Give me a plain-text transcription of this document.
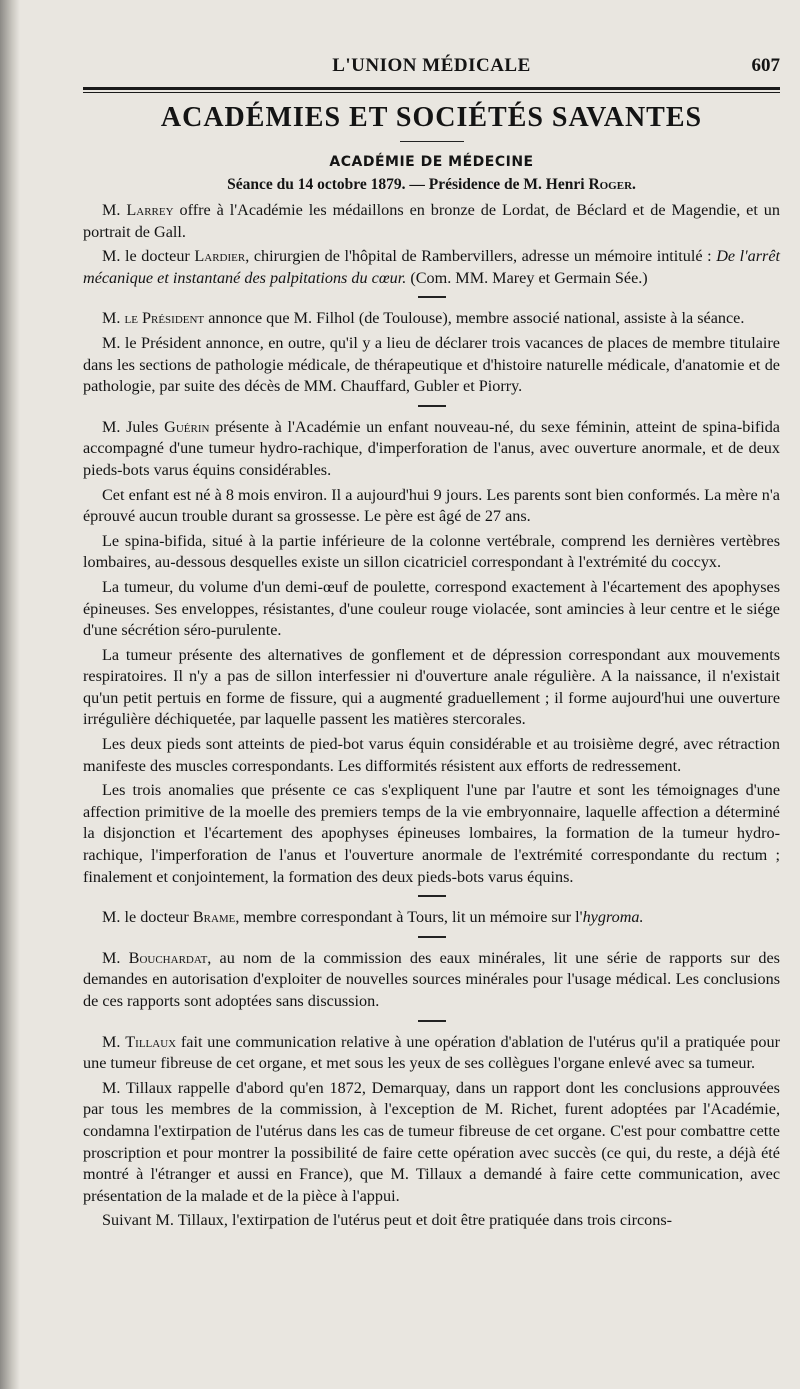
L'UNION MÉDICALE	607
ACADÉMIES ET SOCIÉTÉS SAVANTES
ACADÉMIE DE MÉDECINE
Séance du 14 octobre 1879. — Présidence de M. Henri Roger.

M. Larrey offre à l'Académie les médaillons en bronze de Lordat, de Béclard et de Magendie, et un portrait de Gall.

M. le docteur Lardier, chirurgien de l'hôpital de Rambervillers, adresse un mémoire intitulé : De l'arrêt mécanique et instantané des palpitations du cœur. (Com. MM. Marey et Germain Sée.)

M. le Président annonce que M. Filhol (de Toulouse), membre associé national, assiste à la séance.

M. le Président annonce, en outre, qu'il y a lieu de déclarer trois vacances de places de membre titulaire dans les sections de pathologie médicale, de thérapeutique et d'histoire naturelle médicale, d'anatomie et de pathologie, par suite des décès de MM. Chauffard, Gubler et Piorry.

M. Jules Guérin présente à l'Académie un enfant nouveau-né, du sexe féminin, atteint de spina-bifida accompagné d'une tumeur hydro-rachique, d'imperforation de l'anus, avec ouverture anormale, et de deux pieds-bots varus équins considérables.

Cet enfant est né à 8 mois environ. Il a aujourd'hui 9 jours. Les parents sont bien conformés. La mère n'a éprouvé aucun trouble durant sa grossesse. Le père est âgé de 27 ans.

Le spina-bifida, situé à la partie inférieure de la colonne vertébrale, comprend les dernières vertèbres lombaires, au-dessous desquelles existe un sillon cicatriciel correspondant à l'extrémité du coccyx.

La tumeur, du volume d'un demi-œuf de poulette, correspond exactement à l'écartement des apophyses épineuses. Ses enveloppes, résistantes, d'une couleur rouge violacée, sont amincies à leur centre et le siége d'une sécrétion séro-purulente.

La tumeur présente des alternatives de gonflement et de dépression correspondant aux mouvements respiratoires. Il n'y a pas de sillon interfessier ni d'ouverture anale régulière. A la naissance, il n'existait qu'un petit pertuis en forme de fissure, qui a augmenté graduellement ; il forme aujourd'hui une ouverture irrégulière déchiquetée, par laquelle passent les matières stercorales.

Les deux pieds sont atteints de pied-bot varus équin considérable et au troisième degré, avec rétraction manifeste des muscles correspondants. Les difformités résistent aux efforts de redressement.

Les trois anomalies que présente ce cas s'expliquent l'une par l'autre et sont les témoignages d'une affection primitive de la moelle des premiers temps de la vie embryonnaire, laquelle affection a déterminé la disjonction et l'écartement des apophyses épineuses lombaires, la formation de la tumeur hydro-rachique, l'imperforation de l'anus et l'ouverture anormale de l'extrémité correspondante du rectum ; finalement et conjointement, la formation des deux pieds-bots varus équins.

M. le docteur Brame, membre correspondant à Tours, lit un mémoire sur l'hygroma.

M. Bouchardat, au nom de la commission des eaux minérales, lit une série de rapports sur des demandes en autorisation d'exploiter de nouvelles sources minérales pour l'usage médical. Les conclusions de ces rapports sont adoptées sans discussion.

M. Tillaux fait une communication relative à une opération d'ablation de l'utérus qu'il a pratiquée pour une tumeur fibreuse de cet organe, et met sous les yeux de ses collègues l'organe enlevé avec sa tumeur.

M. Tillaux rappelle d'abord qu'en 1872, Demarquay, dans un rapport dont les conclusions approuvées par tous les membres de la commission, à l'exception de M. Richet, furent adoptées par l'Académie, condamna l'extirpation de l'utérus dans les cas de tumeur fibreuse de cet organe. C'est pour combattre cette proscription et pour montrer la possibilité de faire cette opération avec succès (ce qui, du reste, a déjà été montré à l'étranger et aussi en France), que M. Tillaux a demandé à faire cette communication, avec présentation de la malade et de la pièce à l'appui.

Suivant M. Tillaux, l'extirpation de l'utérus peut et doit être pratiquée dans trois circons-
